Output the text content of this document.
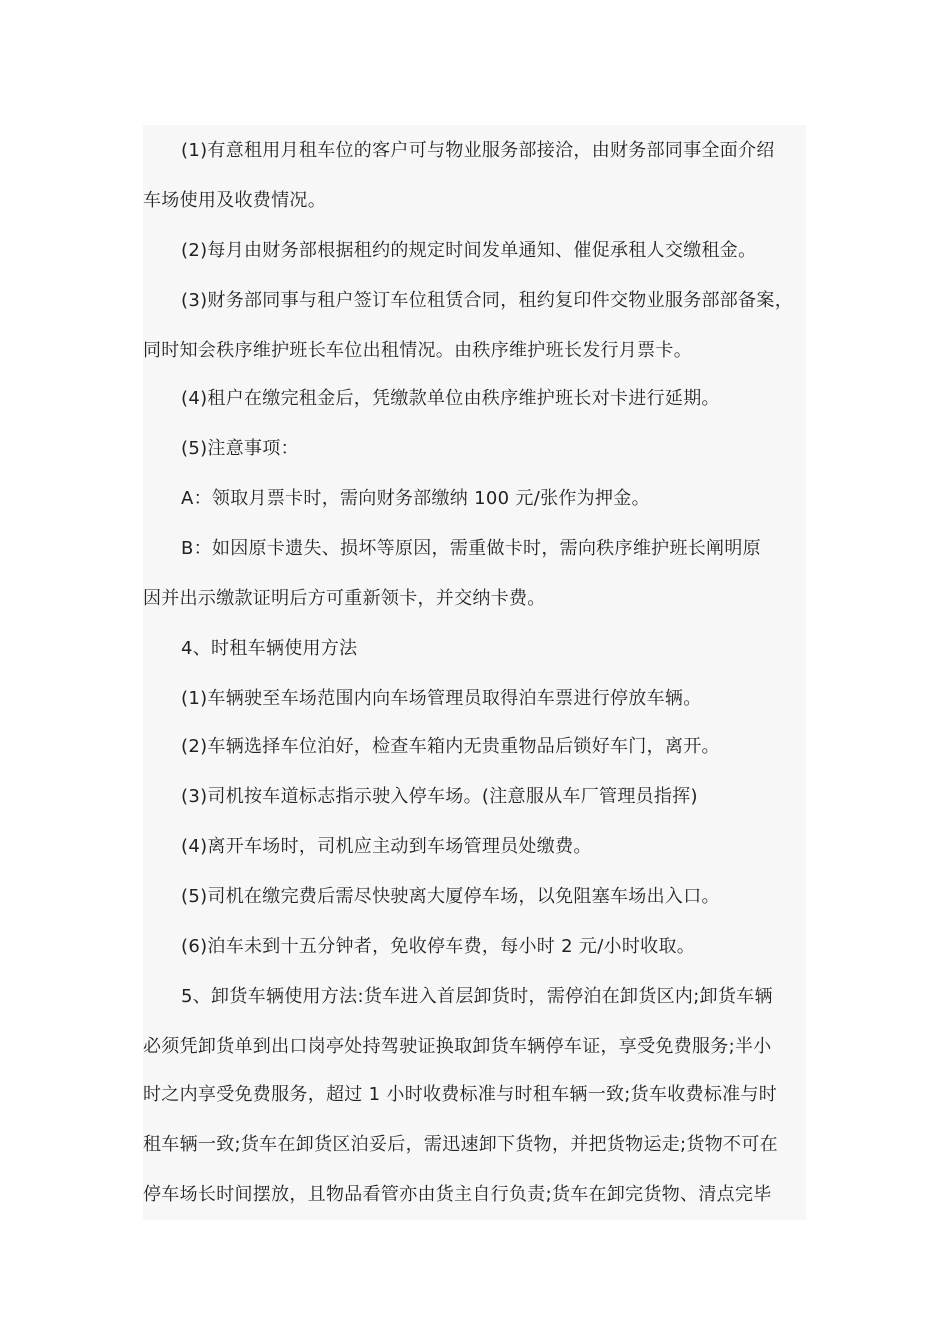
(1)有意租用月租车位的客户可与物业服务部接洽，由财务部同事全面介绍
车场使用及收费情况。
(2)每月由财务部根据租约的规定时间发单通知、催促承租人交缴租金。
(3)财务部同事与租户签订车位租赁合同，租约复印件交物业服务部部备案，
同时知会秩序维护班长车位出租情况。由秩序维护班长发行月票卡。
(4)租户在缴完租金后，凭缴款单位由秩序维护班长对卡进行延期。
(5)注意事项：
A：领取月票卡时，需向财务部缴纳 100 元/张作为押金。
B：如因原卡遗失、损坏等原因，需重做卡时，需向秩序维护班长阐明原
因并出示缴款证明后方可重新领卡，并交纳卡费。
4、时租车辆使用方法
(1)车辆驶至车场范围内向车场管理员取得泊车票进行停放车辆。
(2)车辆选择车位泊好，检查车箱内无贵重物品后锁好车门，离开。
(3)司机按车道标志指示驶入停车场。(注意服从车厂管理员指挥)
(4)离开车场时，司机应主动到车场管理员处缴费。
(5)司机在缴完费后需尽快驶离大厦停车场，以免阻塞车场出入口。
(6)泊车未到十五分钟者，免收停车费，每小时 2 元/小时收取。
5、卸货车辆使用方法:货车进入首层卸货时，需停泊在卸货区内;卸货车辆
必须凭卸货单到出口岗亭处持驾驶证换取卸货车辆停车证，享受免费服务;半小
时之内享受免费服务，超过 1 小时收费标准与时租车辆一致;货车收费标准与时
租车辆一致;货车在卸货区泊妥后，需迅速卸下货物，并把货物运走;货物不可在
停车场长时间摆放，且物品看管亦由货主自行负责;货车在卸完货物、清点完毕
